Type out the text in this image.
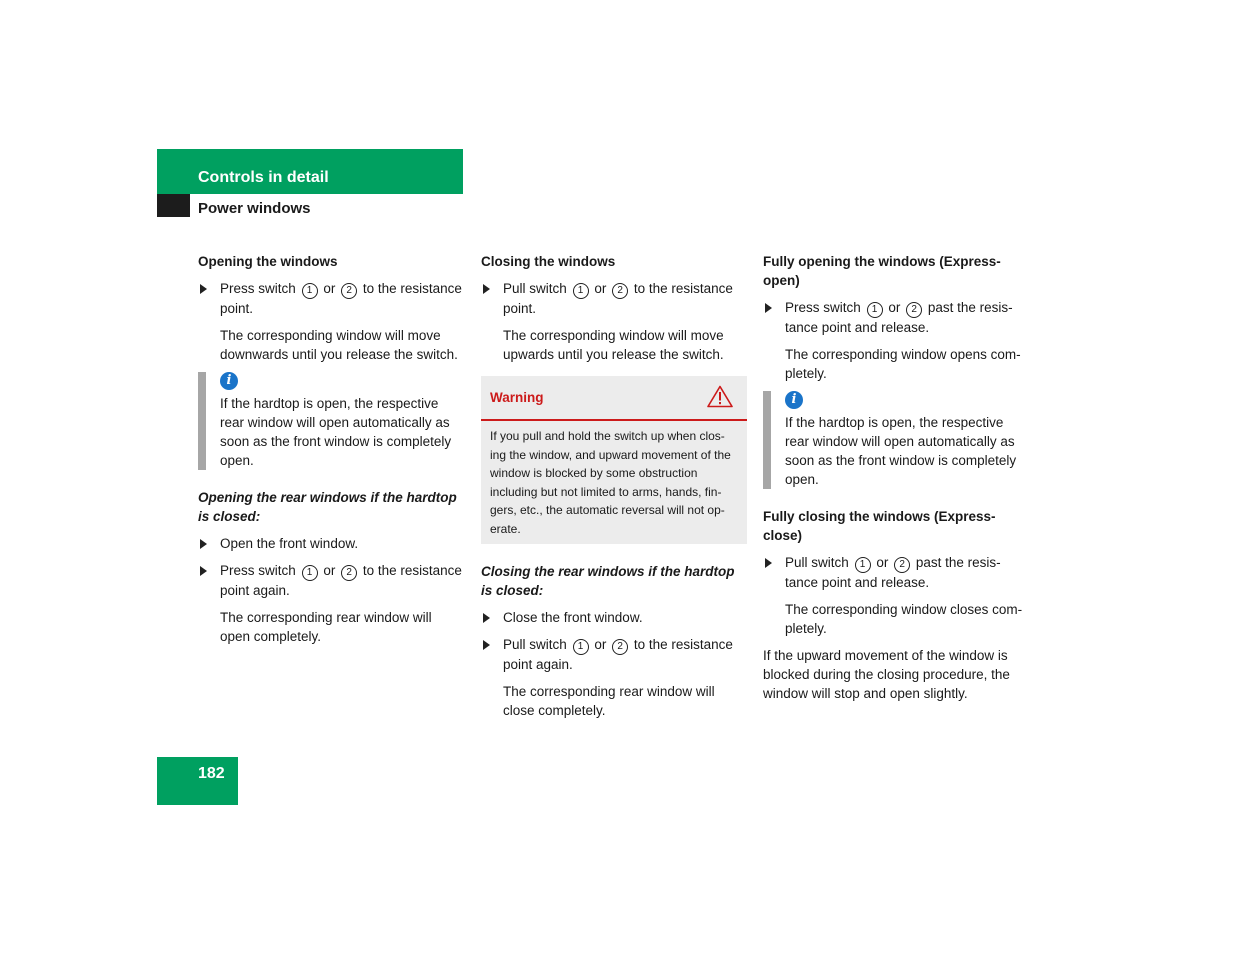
Controls in detail
Power windows

Opening the windows

Press switch 1 or 2 to the resistance point.

The corresponding window will move downwards until you release the switch.

i
If the hardtop is open, the respective rear window will open automatically as soon as the front window is completely open.

Opening the rear windows if the hardtop is closed:

Open the front window.
Press switch 1 or 2 to the resistance point again.

The corresponding rear window will open completely.

Closing the windows

Pull switch 1 or 2 to the resistance point.

The corresponding window will move upwards until you release the switch.

Warning
If you pull and hold the switch up when clos-ing the window, and upward movement of the window is blocked by some obstruction including but not limited to arms, hands, fin-gers, etc., the automatic reversal will not op-erate.

Closing the rear windows if the hardtop is closed:

Close the front window.
Pull switch 1 or 2 to the resistance point again.

The corresponding rear window will close completely.

Fully opening the windows (Express-open)

Press switch 1 or 2 past the resis-tance point and release.

The corresponding window opens com-pletely.

i
If the hardtop is open, the respective rear window will open automatically as soon as the front window is completely open.

Fully closing the windows (Express-close)

Pull switch 1 or 2 past the resis-tance point and release.

The corresponding window closes com-pletely.

If the upward movement of the window is blocked during the closing procedure, the window will stop and open slightly.

182
